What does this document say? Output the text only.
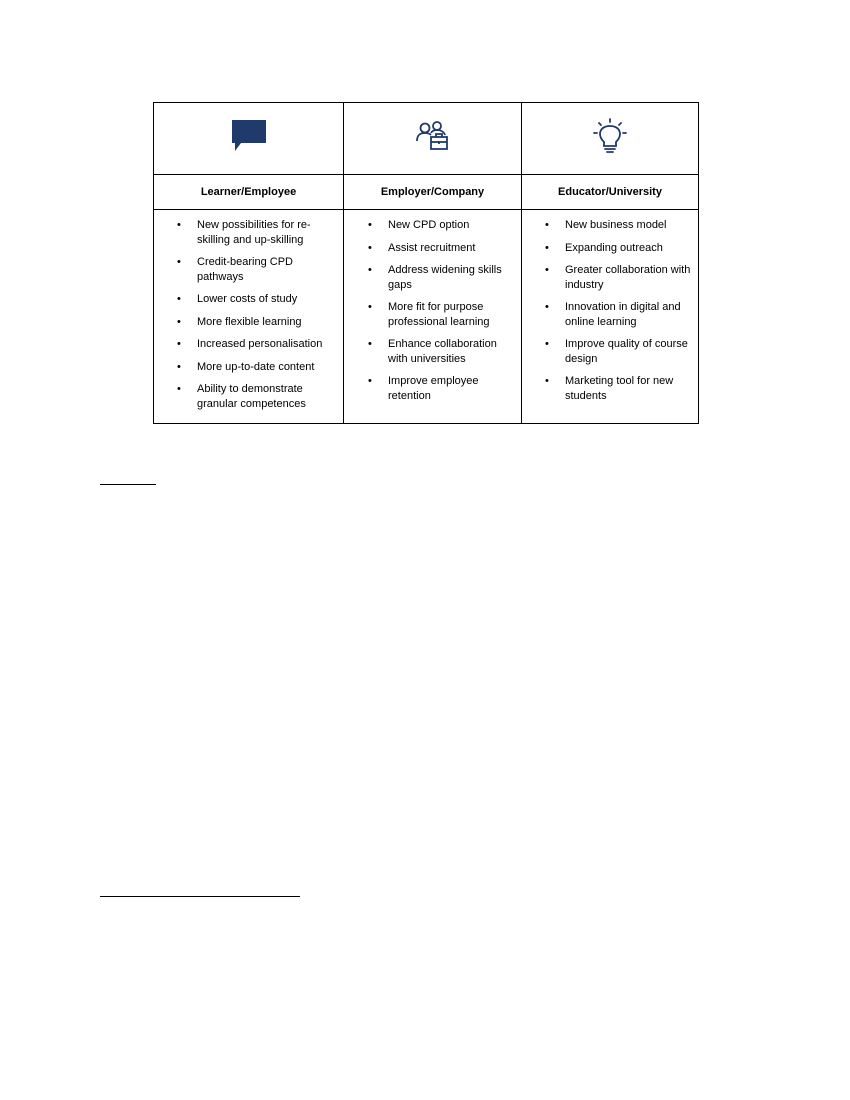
Learner/Employee
• New possibilities for re-skilling and up-skilling
• Credit-bearing CPD pathways
• Lower costs of study
• More flexible learning
• Increased personalisation
• More up-to-date content
• Ability to demonstrate granular competences
Employer/Company
• New CPD option
• Assist recruitment
• Address widening skills gaps
• More fit for purpose professional learning
• Enhance collaboration with universities
• Improve employee retention
Educator/University
• New business model
• Expanding outreach
• Greater collaboration with industry
• Innovation in digital and online learning
• Improve quality of course design
• Marketing tool for new students
